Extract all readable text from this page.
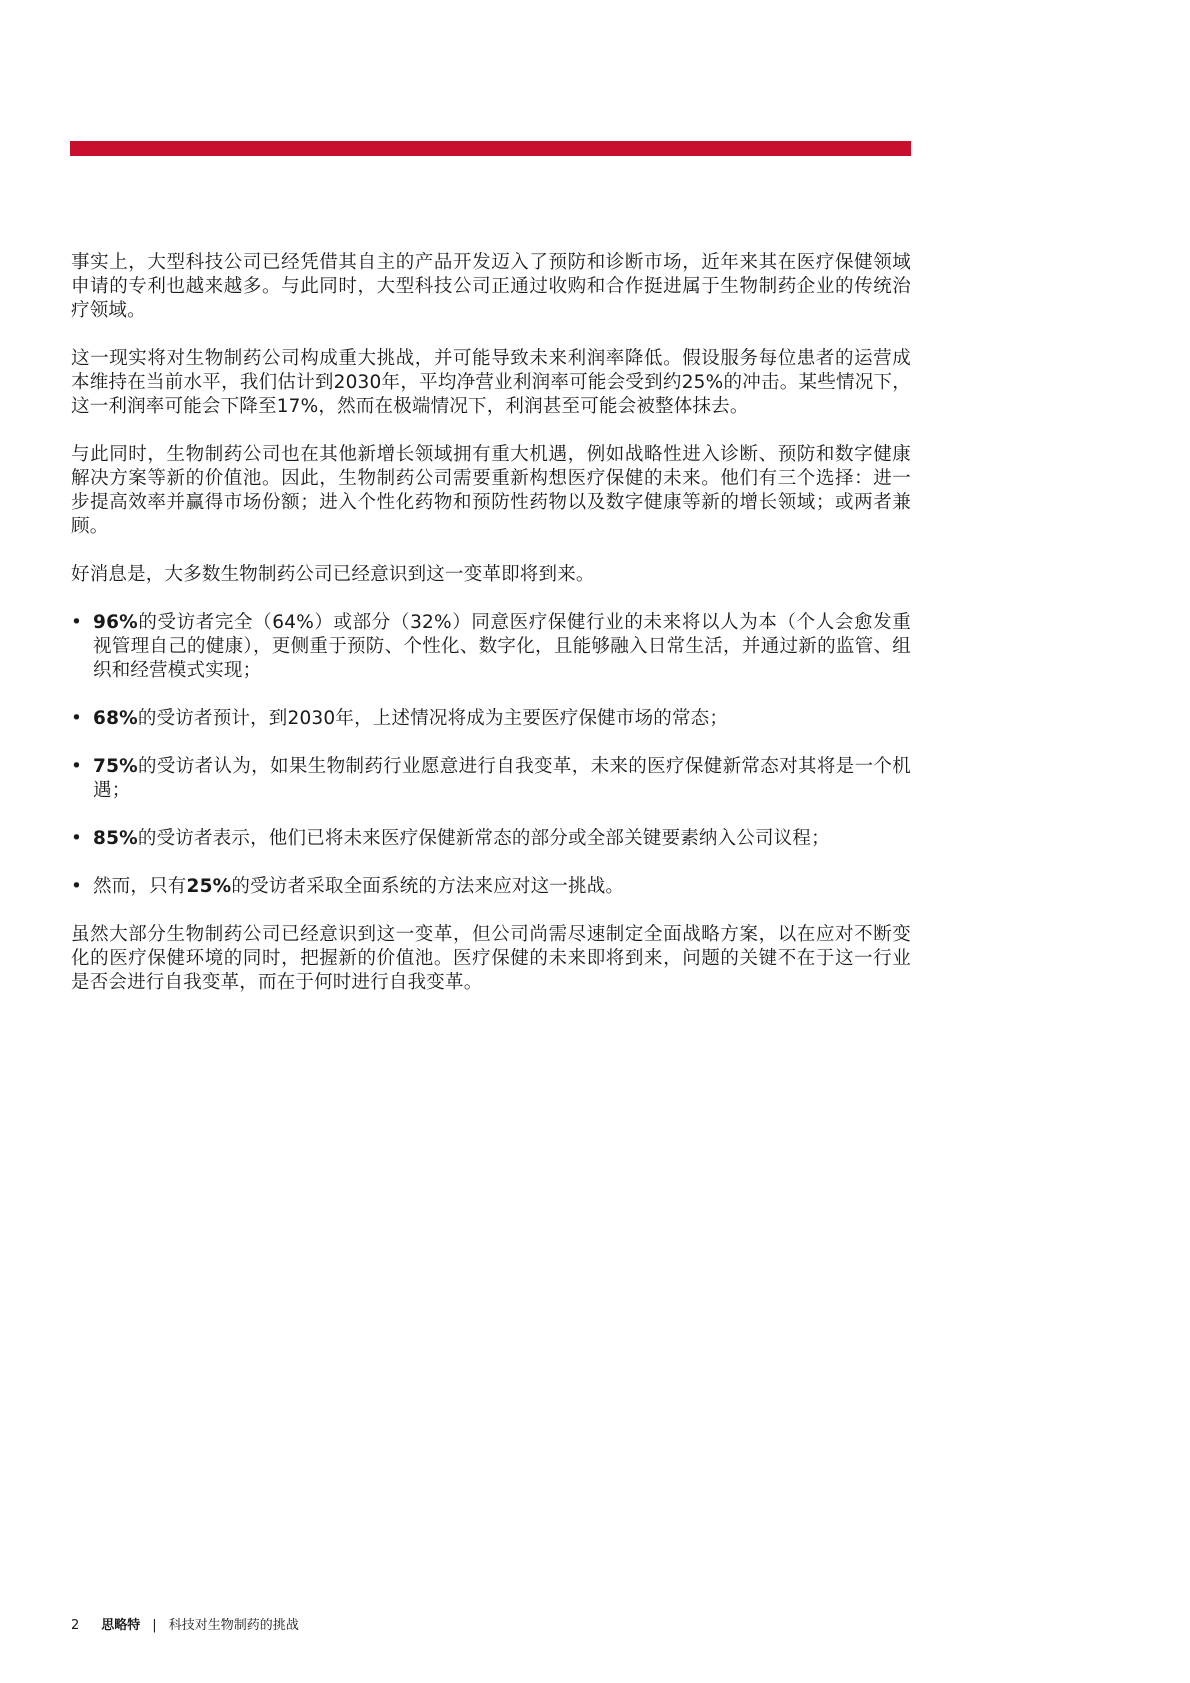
事实上，大型科技公司已经凭借其自主的产品开发迈入了预防和诊断市场，近年来其在医疗保健领域申请的专利也越来越多。与此同时，大型科技公司正通过收购和合作挺进属于生物制药企业的传统治疗领域。

这一现实将对生物制药公司构成重大挑战，并可能导致未来利润率降低。假设服务每位患者的运营成本维持在当前水平，我们估计到2030年，平均净营业利润率可能会受到约25%的冲击。某些情况下，这一利润率可能会下降至17%，然而在极端情况下，利润甚至可能会被整体抹去。

与此同时，生物制药公司也在其他新增长领域拥有重大机遇，例如战略性进入诊断、预防和数字健康解决方案等新的价值池。因此，生物制药公司需要重新构想医疗保健的未来。他们有三个选择：进一步提高效率并赢得市场份额；进入个性化药物和预防性药物以及数字健康等新的增长领域；或两者兼顾。

好消息是，大多数生物制药公司已经意识到这一变革即将到来。

• 96%的受访者完全（64%）或部分（32%）同意医疗保健行业的未来将以人为本（个人会愈发重视管理自己的健康），更侧重于预防、个性化、数字化，且能够融入日常生活，并通过新的监管、组织和经营模式实现；
• 68%的受访者预计，到2030年，上述情况将成为主要医疗保健市场的常态；
• 75%的受访者认为，如果生物制药行业愿意进行自我变革，未来的医疗保健新常态对其将是一个机遇；
• 85%的受访者表示，他们已将未来医疗保健新常态的部分或全部关键要素纳入公司议程；
• 然而，只有25%的受访者采取全面系统的方法来应对这一挑战。

虽然大部分生物制药公司已经意识到这一变革，但公司尚需尽速制定全面战略方案，以在应对不断变化的医疗保健环境的同时，把握新的价值池。医疗保健的未来即将到来，问题的关键不在于这一行业是否会进行自我变革，而在于何时进行自我变革。

2 思略特 | 科技对生物制药的挑战
